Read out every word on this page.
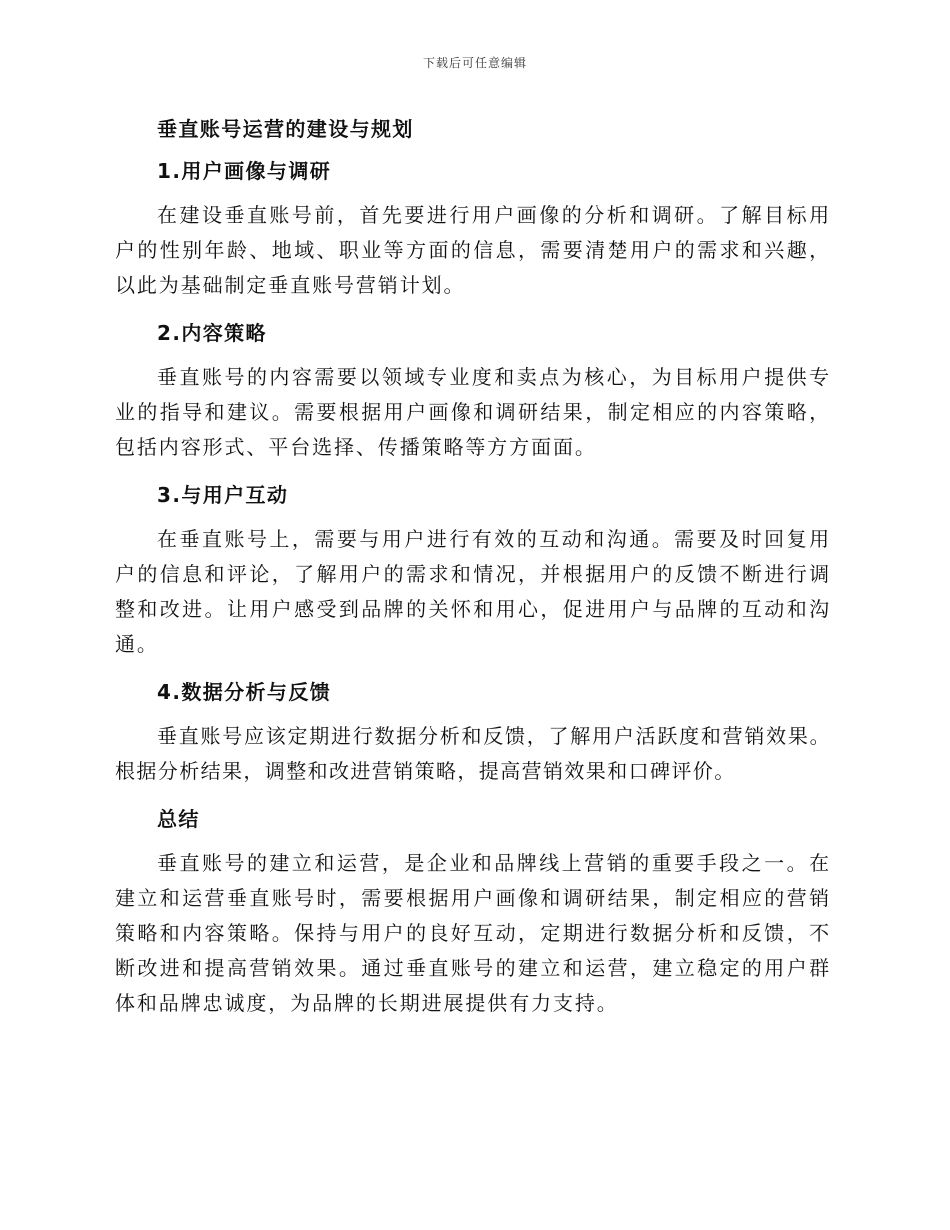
下载后可任意编辑
垂直账号运营的建设与规划
1.用户画像与调研

在建设垂直账号前，首先要进行用户画像的分析和调研。了解目标用户的性别年龄、地域、职业等方面的信息，需要清楚用户的需求和兴趣，以此为基础制定垂直账号营销计划。

2.内容策略

垂直账号的内容需要以领域专业度和卖点为核心，为目标用户提供专业的指导和建议。需要根据用户画像和调研结果，制定相应的内容策略，包括内容形式、平台选择、传播策略等方方面面。

3.与用户互动

在垂直账号上，需要与用户进行有效的互动和沟通。需要及时回复用户的信息和评论，了解用户的需求和情况，并根据用户的反馈不断进行调整和改进。让用户感受到品牌的关怀和用心，促进用户与品牌的互动和沟通。

4.数据分析与反馈

垂直账号应该定期进行数据分析和反馈，了解用户活跃度和营销效果。根据分析结果，调整和改进营销策略，提高营销效果和口碑评价。

总结

垂直账号的建立和运营，是企业和品牌线上营销的重要手段之一。在建立和运营垂直账号时，需要根据用户画像和调研结果，制定相应的营销策略和内容策略。保持与用户的良好互动，定期进行数据分析和反馈，不断改进和提高营销效果。通过垂直账号的建立和运营，建立稳定的用户群体和品牌忠诚度，为品牌的长期进展提供有力支持。
